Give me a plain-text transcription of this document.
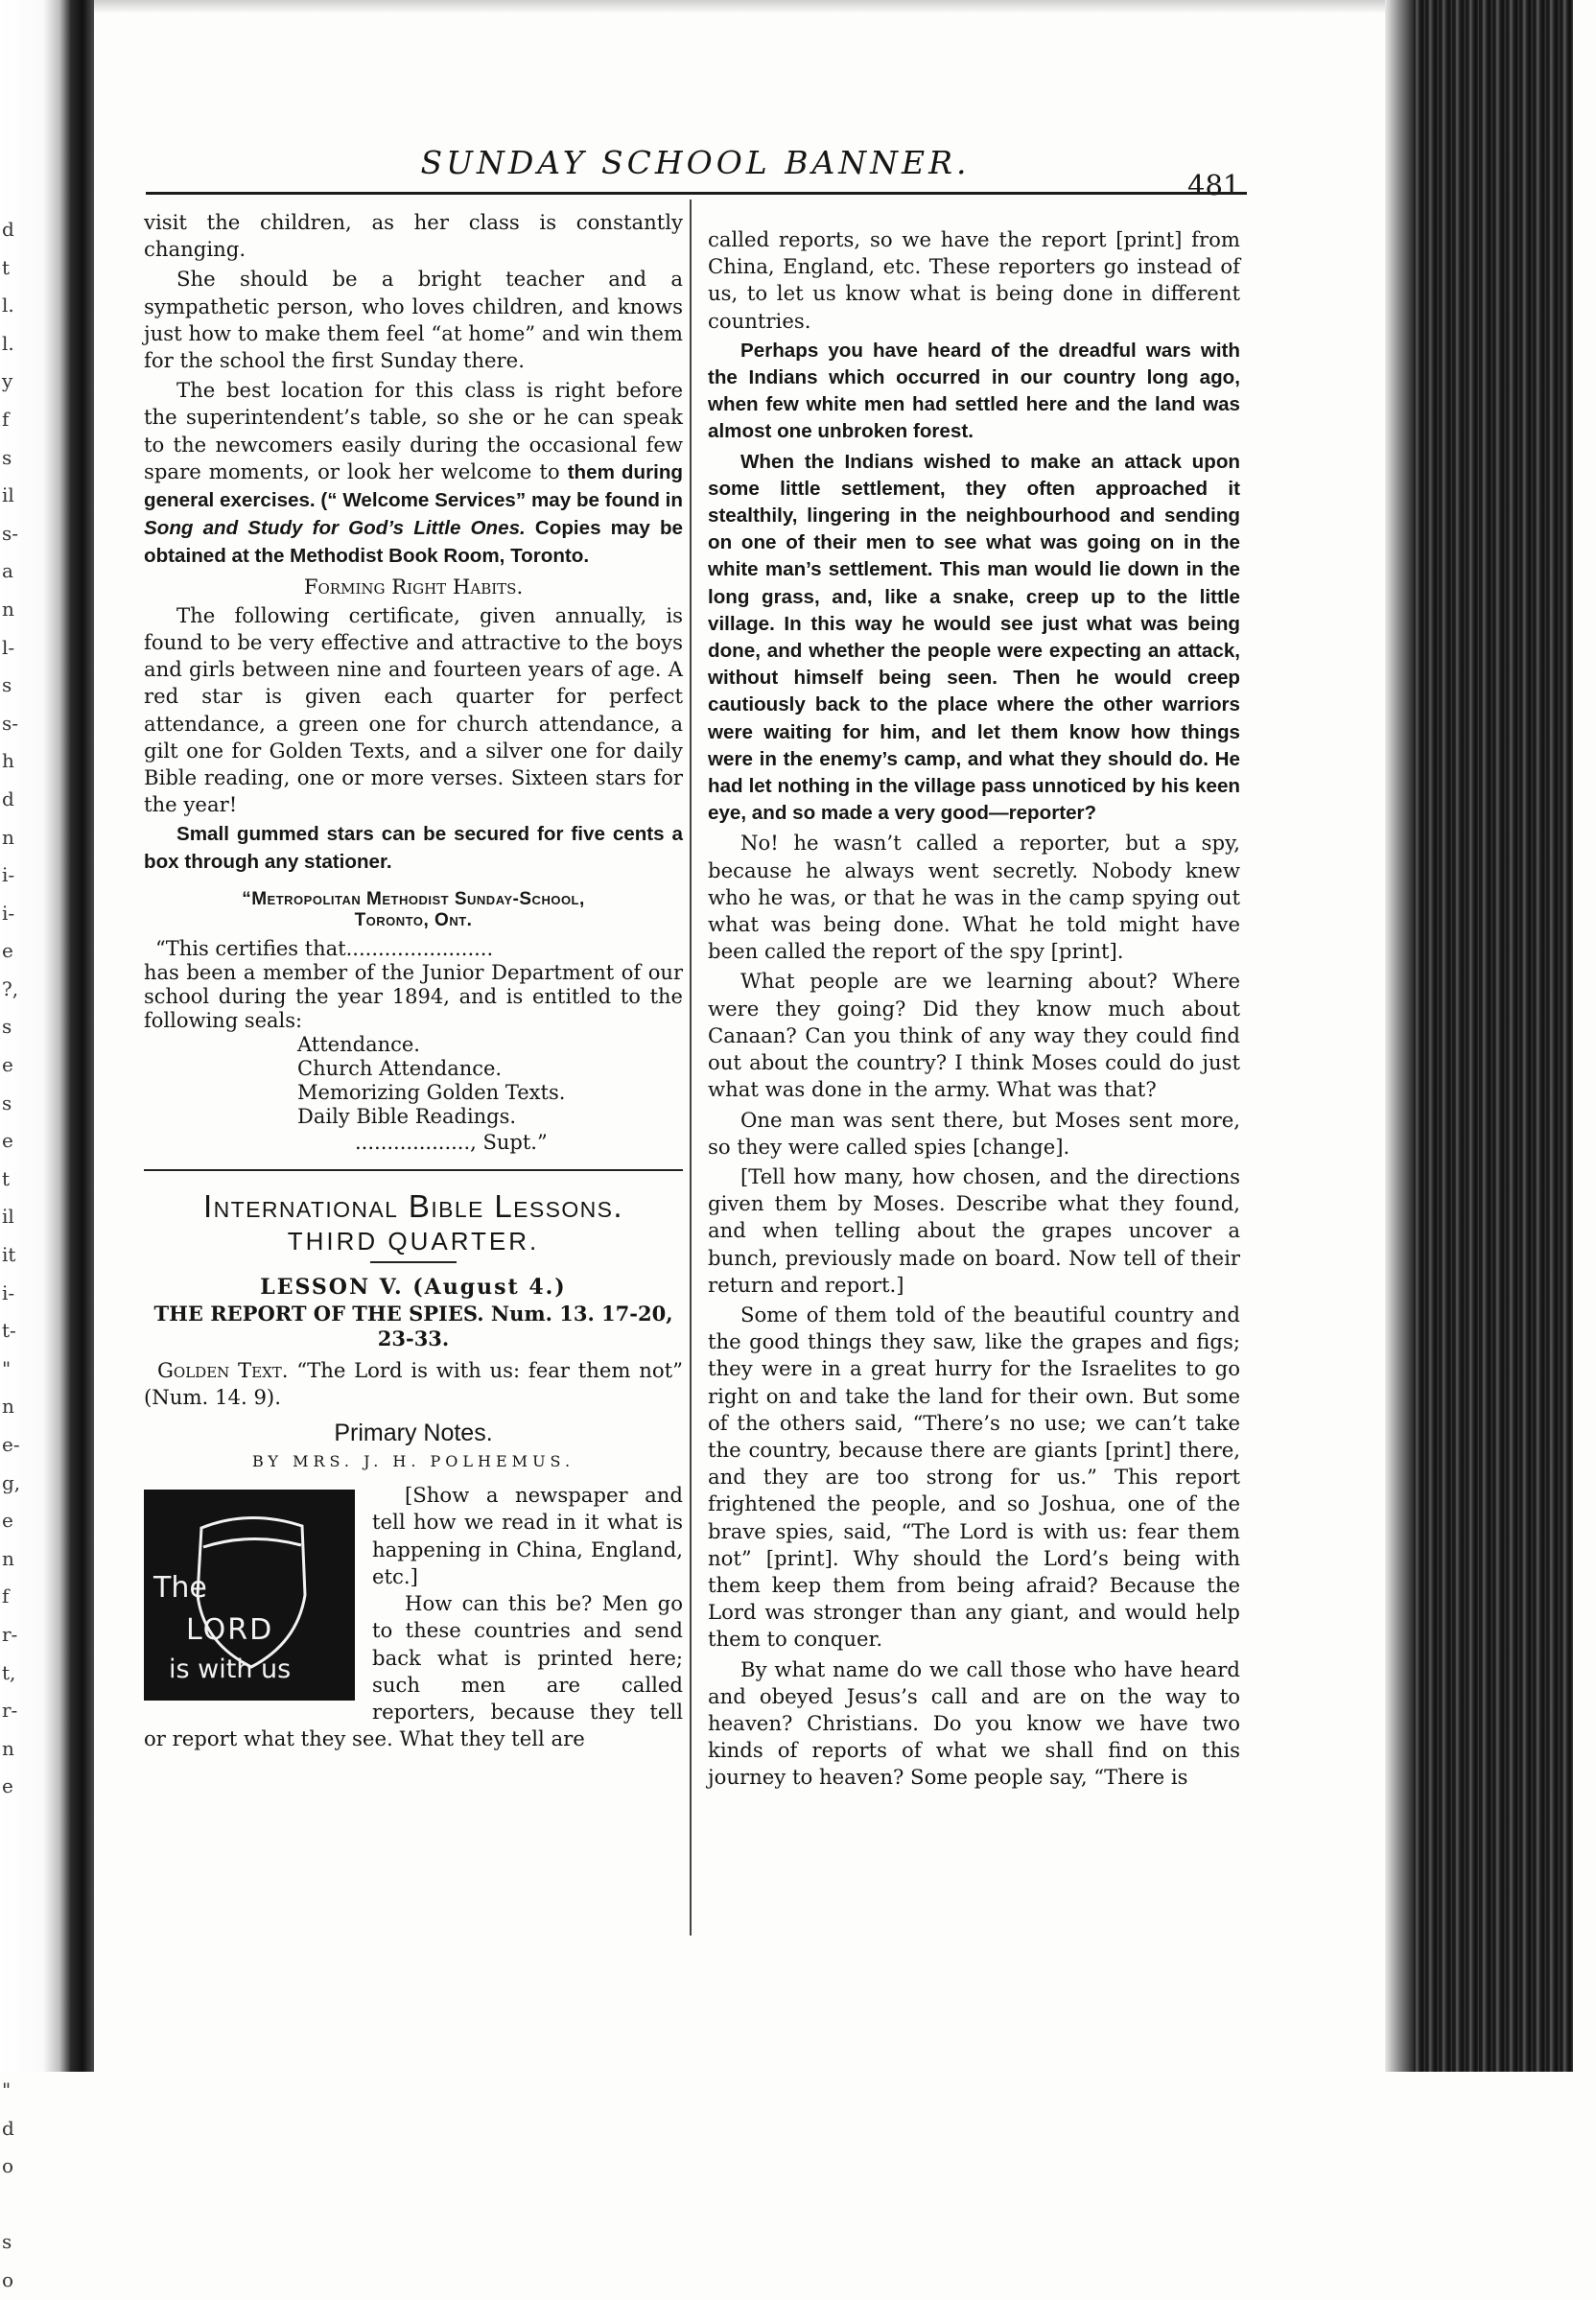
d
t
l.
l.
y
f
s
il
s-
a
n
l-
s
s-
h
d
n
i-
i-
e
?,
s
e
s
e
t
il
it
i-
t-
"
n
e-
g,
e
n
f
r-
t,
r-
n
e
"
d
o
s
o
SUNDAY SCHOOL BANNER.
481

visit the children, as her class is constantly changing.

She should be a bright teacher and a sympathetic person, who loves children, and knows just how to make them feel “at home” and win them for the school the first Sunday there.

The best location for this class is right before the superintendent’s table, so she or he can speak to the newcomers easily during the occasional few spare moments, or look her welcome to them during general exercises. (“ Welcome Services” may be found in Song and Study for God’s Little Ones. Copies may be obtained at the Methodist Book Room, Toronto.

Forming Right Habits.

The following certificate, given annually, is found to be very effective and attractive to the boys and girls between nine and fourteen years of age. A red star is given each quarter for perfect attendance, a green one for church attendance, a gilt one for Golden Texts, and a silver one for daily Bible reading, one or more verses. Sixteen stars for the year!

Small gummed stars can be secured for five cents a box through any stationer.

“Metropolitan Methodist Sunday-School,
Toronto, Ont.

“This certifies that.......................

has been a member of the Junior Department of our school during the year 1894, and is entitled to the following seals:

Attendance.
Church Attendance.
Memorizing Golden Texts.
Daily Bible Readings.
.................., Supt.”
International Bible Lessons.
THIRD QUARTER.
LESSON V. (August 4.)
THE REPORT OF THE SPIES. Num. 13. 17-20, 23-33.

Golden Text. “The Lord is with us: fear them not” (Num. 14. 9).

Primary Notes.
BY MRS. J. H. POLHEMUS.
The
LORD
is with us

[Show a newspaper and tell how we read in it what is happening in China, England, etc.]

How can this be? Men go to these countries and send back what is printed here; such men are called reporters, because they tell or report what they see. What they tell are

called reports, so we have the report [print] from China, England, etc. These reporters go instead of us, to let us know what is being done in different countries.

Perhaps you have heard of the dreadful wars with the Indians which occurred in our country long ago, when few white men had settled here and the land was almost one unbroken forest.

When the Indians wished to make an attack upon some little settlement, they often approached it stealthily, lingering in the neighbourhood and sending on one of their men to see what was going on in the white man’s settlement. This man would lie down in the long grass, and, like a snake, creep up to the little village. In this way he would see just what was being done, and whether the people were expecting an attack, without himself being seen. Then he would creep cautiously back to the place where the other warriors were waiting for him, and let them know how things were in the enemy’s camp, and what they should do. He had let nothing in the village pass unnoticed by his keen eye, and so made a very good—reporter?

No! he wasn’t called a reporter, but a spy, because he always went secretly. Nobody knew who he was, or that he was in the camp spying out what was being done. What he told might have been called the report of the spy [print].

What people are we learning about? Where were they going? Did they know much about Canaan? Can you think of any way they could find out about the country? I think Moses could do just what was done in the army. What was that?

One man was sent there, but Moses sent more, so they were called spies [change].

[Tell how many, how chosen, and the directions given them by Moses. Describe what they found, and when telling about the grapes uncover a bunch, previously made on board. Now tell of their return and report.]

Some of them told of the beautiful country and the good things they saw, like the grapes and figs; they were in a great hurry for the Israelites to go right on and take the land for their own. But some of the others said, “There’s no use; we can’t take the country, because there are giants [print] there, and they are too strong for us.” This report frightened the people, and so Joshua, one of the brave spies, said, “The Lord is with us: fear them not” [print]. Why should the Lord’s being with them keep them from being afraid? Because the Lord was stronger than any giant, and would help them to conquer.

By what name do we call those who have heard and obeyed Jesus’s call and are on the way to heaven? Christians. Do you know we have two kinds of reports of what we shall find on this journey to heaven? Some people say, “There is
